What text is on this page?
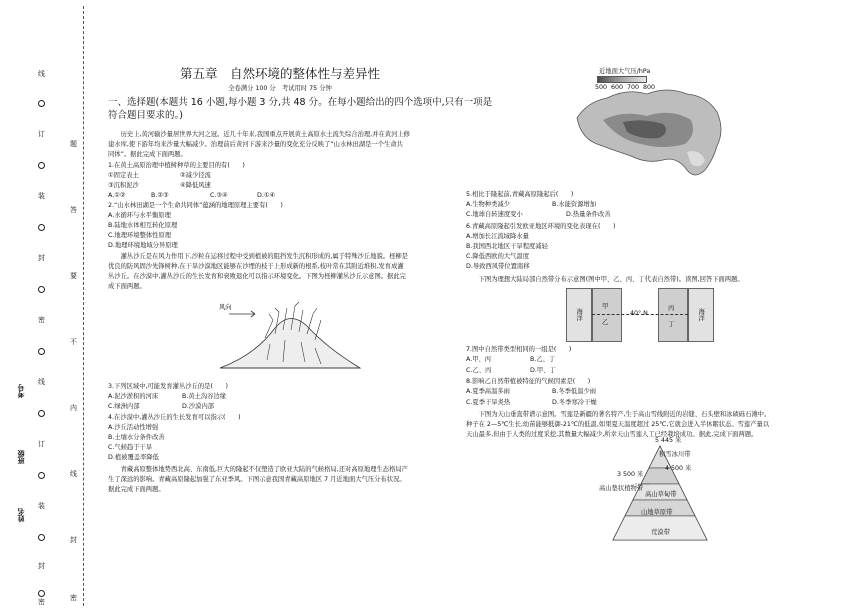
线
订
装
封
密
线
订
装
封
密
题
答
要
不
内
线
封
密
姓名
班级
考号
第五章　自然环境的整体性与差异性
全卷满分 100 分　考试用时 75 分钟
一、选择题(本题共 16 小题,每小题 3 分,共 48 分。在每小题给出的四个选项中,只有一项是
符合题目要求的。)
　　历史上,黄河输沙量居世界大河之冠。近几十年来,我国重点开展黄土高原水土流失综合治理,并在黄河上修
建水库,使下游年均来沙量大幅减少。治理前后黄河下游来沙量的变化充分反映了“山水林田湖是一个生命共
同体”。据此完成下面两题。
1.在黄土高原治理中植树种草的主要目的有(　　)
①固定表土	②减少径流
③沉积泥沙	④降低风速
A.①②	B.②③	C.③④	D.①④
2.“山水林田湖是一个生命共同体”蕴涵的地理原理主要有(　　)
A.水循环与水平衡原理
B.陆地水体相互转化原理
C.地理环境整体性原理
D.地理环境地域分异原理
　　灌丛沙丘是在风力作用下,沙粒在运移过程中受到植被的阻挡发生沉积形成的,属于特殊沙丘地貌。柽柳是
优良的防风固沙先锋树种,在干旱沙漠地区能够在沙埋的枝干上形成新的根系,枝叶常在其附近堆积,发育成灌
丛沙丘。在沙漠中,灌丛沙丘的生长发育和衰败退化可以指示环境变化。下图为柽柳灌丛沙丘示意图。据此完
成下面两题。
风向
3.下列区域中,可能发育灌丛沙丘的是(　　)
A.泥沙淤积的河床	B.黄土沟谷边缘
C.绿洲内部	D.沙漠内部
4.在沙漠中,灌丛沙丘的生长发育可以指示(　　)
A.沙丘活动性增强
B.土壤水分条件改善
C.气候趋于干旱
D.植被覆盖率降低
　　青藏高原整体地势西北高、东南低,巨大的隆起不仅塑造了欧亚大陆的气候格局,还对高原地理生态格局产
生了深远的影响。青藏高原隆起加强了东亚季风。下图示意我国青藏高原地区 7 月近地面大气压分布状况。
据此完成下面两题。
近地面大气压/hPa
500 600 700 800
5.相比于隆起前,青藏高原隆起后(　　)
A.生物种类减少	B.水能资源增加
C.地球自转速度变小	D.热量条件改善
6.青藏高原隆起引发欧亚地区环境的变化表现在(　　)
A.增加长江流域降水量
B.我国西北地区干旱程度减轻
C.降低西欧的大气温度
D.导致西风带位置南移
　　下图为理想大陆局部自然带分布示意图(图中甲、乙、丙、丁代表自然带)。读图,回答下面两题。
海洋	海洋
甲
乙
丙
丁
40° N
7.图中自然带类型相同的一组是(　　)
A.甲、丙	B.乙、丁
C.乙、丙	D.甲、丁
8.影响乙自然带植被特征的气候因素是(　　)
A.夏季高温多雨	B.冬季低温少雨
C.夏季干旱炎热	D.冬季寒冷干燥
　　下图为天山垂直带谱示意图。雪莲是新疆的著名特产,生于高山雪线附近的岩缝、石头壁和冰碛砾石滩中。
种子在 2—5℃生长,幼苗能够抵御-21℃的低温,如果夏天温度超过 25℃,它就会进入半休眠状态。雪莲产量以
天山最多,但由于人类的过度采挖,其数量大幅减少,所幸天山雪莲人工已经栽培成功。据此,完成下面两题。
5 445 米
积雪冰川带
4 500 米
3 500 米
高山垫状植物带
高山草甸带
山地草原带
荒漠带
